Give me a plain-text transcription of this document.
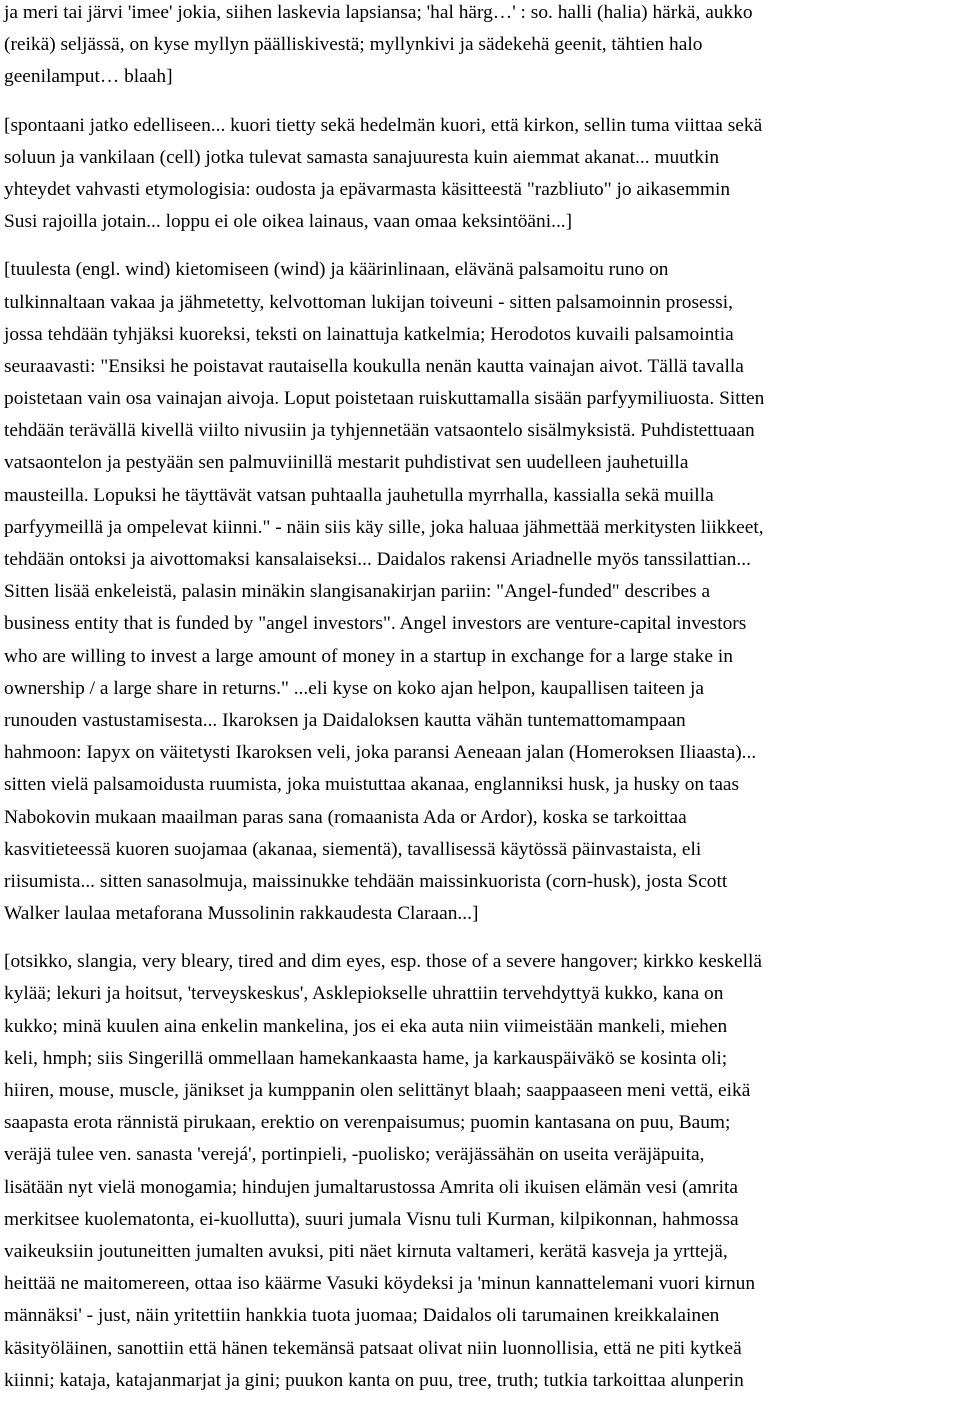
ja meri tai järvi 'imee' jokia, siihen laskevia lapsiansa; 'hal härg…' : so. halli (halia) härkä, aukko
(reikä) seljässä, on kyse myllyn päälliskivestä; myllynkivi ja sädekehä geenit, tähtien halo
geenilamput… blaah]
[spontaani jatko edelliseen... kuori tietty sekä hedelmän kuori, että kirkon, sellin tuma viittaa sekä
soluun ja vankilaan (cell) jotka tulevat samasta sanajuuresta kuin aiemmat akanat... muutkin
yhteydet vahvasti etymologisia: oudosta ja epävarmasta käsitteestä "razbliuto" jo aikasemmin
Susi rajoilla jotain... loppu ei ole oikea lainaus, vaan omaa keksintöäni...]
[tuulesta (engl. wind) kietomiseen (wind) ja käärinlinaan, elävänä palsamoitu runo on
tulkinnaltaan vakaa ja jähmetetty, kelvottoman lukijan toiveuni - sitten palsamoinnin prosessi,
jossa tehdään tyhjäksi kuoreksi, teksti on lainattuja katkelmia; Herodotos kuvaili palsamointia
seuraavasti: "Ensiksi he poistavat rautaisella koukulla nenän kautta vainajan aivot. Tällä tavalla
poistetaan vain osa vainajan aivoja. Loput poistetaan ruiskuttamalla sisään parfyymiliuosta. Sitten
tehdään terävällä kivellä viilto nivusiin ja tyhjennetään vatsaontelo sisälmyksistä. Puhdistettuaan
vatsaontelon ja pestyään sen palmuviinillä mestarit puhdistivat sen uudelleen jauhetuilla
mausteilla. Lopuksi he täyttävät vatsan puhtaalla jauhetulla myrrhalla, kassialla sekä muilla
parfyymeillä ja ompelevat kiinni." - näin siis käy sille, joka haluaa jähmettää merkitysten liikkeet,
tehdään ontoksi ja aivottomaksi kansalaiseksi... Daidalos rakensi Ariadnelle myös tanssilattian...
Sitten lisää enkeleistä, palasin minäkin slangisanakirjan pariin: "Angel-funded" describes a
business entity that is funded by "angel investors". Angel investors are venture-capital investors
who are willing to invest a large amount of money in a startup in exchange for a large stake in
ownership / a large share in returns." ...eli kyse on koko ajan helpon, kaupallisen taiteen ja
runouden vastustamisesta... Ikaroksen ja Daidaloksen kautta vähän tuntemattomampaan
hahmoon: Iapyx on väitetysti Ikaroksen veli, joka paransi Aeneaan jalan (Homeroksen Iliaasta)...
sitten vielä palsamoidusta ruumista, joka muistuttaa akanaa, englanniksi husk, ja husky on taas
Nabokovin mukaan maailman paras sana (romaanista Ada or Ardor), koska se tarkoittaa
kasvitieteessä kuoren suojamaa (akanaa, siementä), tavallisessä käytössä päinvastaista, eli
riisumista... sitten sanasolmuja, maissinukke tehdään maissinkuorista (corn-husk), josta Scott
Walker laulaa metaforana Mussolinin rakkaudesta Claraan...]
[otsikko, slangia, very bleary, tired and dim eyes, esp. those of a severe hangover; kirkko keskellä
kylää; lekuri ja hoitsut, 'terveyskeskus', Asklepiokselle uhrattiin tervehdyttyä kukko, kana on
kukko; minä kuulen aina enkelin mankelina, jos ei eka auta niin viimeistään mankeli, miehen
keli, hmph; siis Singerillä ommellaan hamekankaasta hame, ja karkauspäiväkö se kosinta oli;
hiiren, mouse, muscle, jänikset ja kumppanin olen selittänyt blaah; saappaaseen meni vettä, eikä
saapasta erota rännistä pirukaan, erektio on verenpaisumus; puomin kantasana on puu, Baum;
veräjä tulee ven. sanasta 'verejá', portinpieli, -puolisko; veräjässähän on useita veräjäpuita,
lisätään nyt vielä monogamia; hindujen jumaltarustossa Amrita oli ikuisen elämän vesi (amrita
merkitsee kuolematonta, ei-kuollutta), suuri jumala Visnu tuli Kurman, kilpikonnan, hahmossa
vaikeuksiin joutuneitten jumalten avuksi, piti näet kirnuta valtameri, kerätä kasveja ja yrttejä,
heittää ne maitomereen, ottaa iso käärme Vasuki köydeksi ja 'minun kannattelemani vuori kirnun
männäksi' - just, näin yritettiin hankkia tuota juomaa; Daidalos oli tarumainen kreikkalainen
käsityöläinen, sanottiin että hänen tekemänsä patsaat olivat niin luonnollisia, että ne piti kytkeä
kiinni; kataja, katajanmarjat ja gini; puukon kanta on puu, tree, truth; tutkia tarkoittaa alunperin
